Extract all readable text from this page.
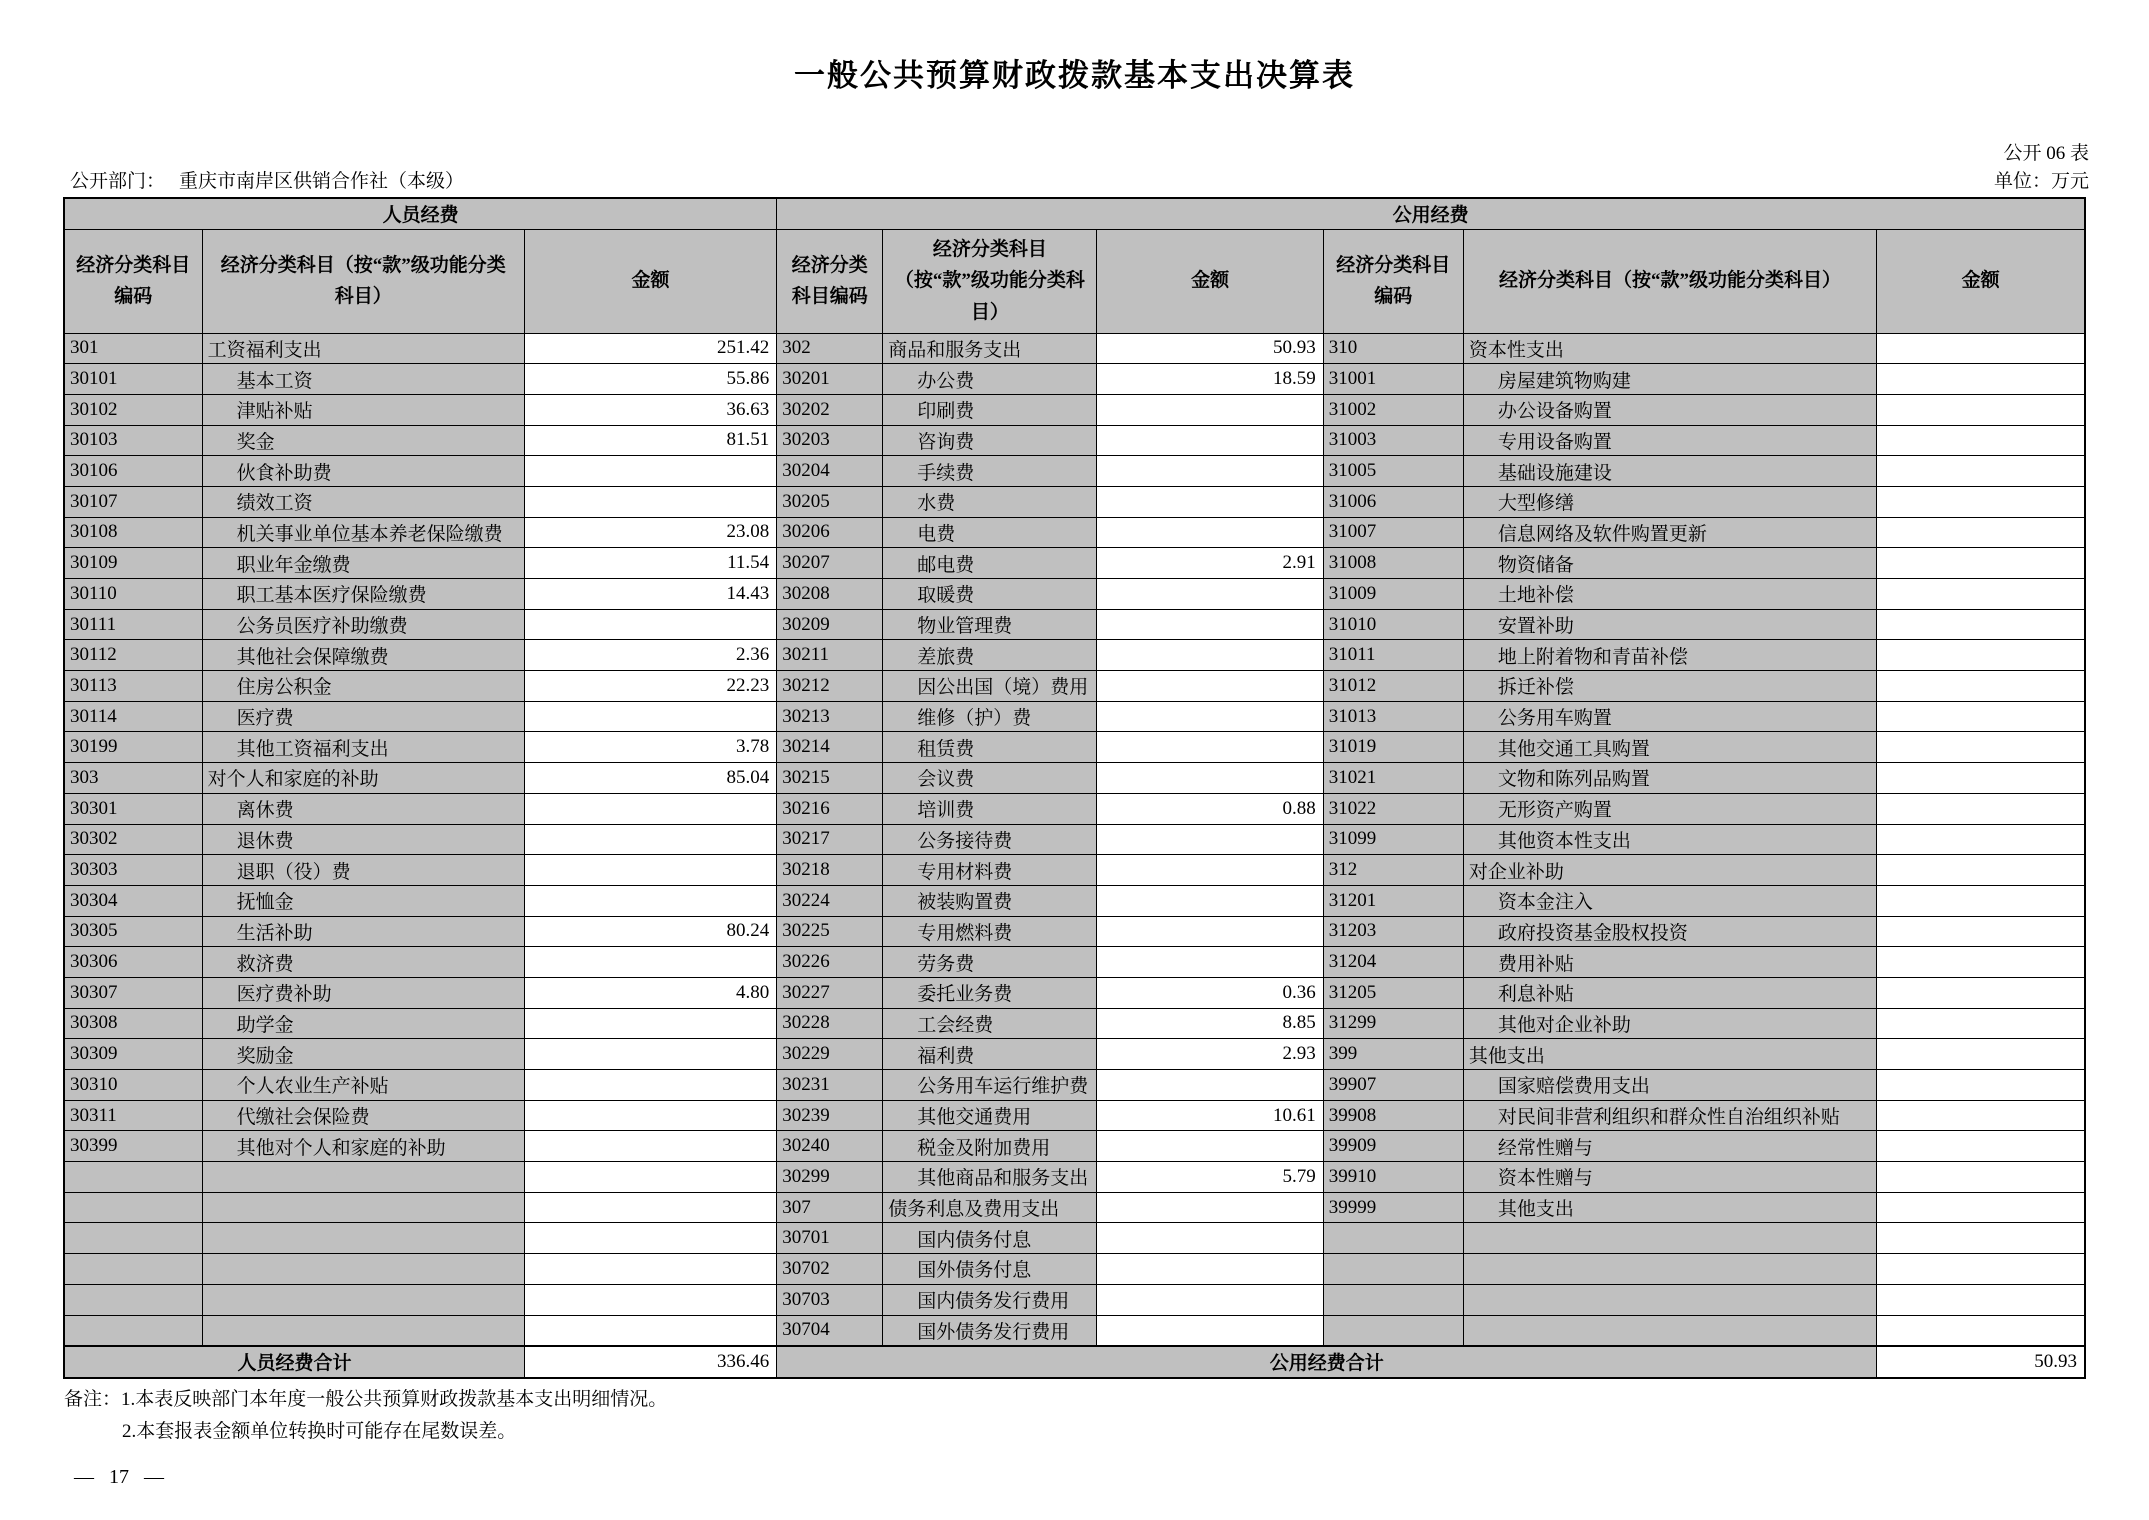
一般公共预算财政拨款基本支出决算表
公开 06 表
公开部门： 重庆市南岸区供销合作社（本级）	单位：万元
人员经费			公用经费					
经济分类科目编码	经济分类科目（按“款”级功能分类科目）	金额	经济分类科目编码	经济分类科目（按“款”级功能分类科目）	金额	经济分类科目编码	经济分类科目（按“款”级功能分类科目）	金额
301	工资福利支出	251.42	302	商品和服务支出	50.93	310	资本性支出	
30101	基本工资	55.86	30201	办公费	18.59	31001	房屋建筑物购建	
30102	津贴补贴	36.63	30202	印刷费		31002	办公设备购置	
30103	奖金	81.51	30203	咨询费		31003	专用设备购置	
30106	伙食补助费		30204	手续费		31005	基础设施建设	
30107	绩效工资		30205	水费		31006	大型修缮	
30108	机关事业单位基本养老保险缴费	23.08	30206	电费		31007	信息网络及软件购置更新	
30109	职业年金缴费	11.54	30207	邮电费	2.91	31008	物资储备	
30110	职工基本医疗保险缴费	14.43	30208	取暖费		31009	土地补偿	
30111	公务员医疗补助缴费		30209	物业管理费		31010	安置补助	
30112	其他社会保障缴费	2.36	30211	差旅费		31011	地上附着物和青苗补偿	
30113	住房公积金	22.23	30212	因公出国（境）费用		31012	拆迁补偿	
30114	医疗费		30213	维修（护）费		31013	公务用车购置	
30199	其他工资福利支出	3.78	30214	租赁费		31019	其他交通工具购置	
303	对个人和家庭的补助	85.04	30215	会议费		31021	文物和陈列品购置	
30301	离休费		30216	培训费	0.88	31022	无形资产购置	
30302	退休费		30217	公务接待费		31099	其他资本性支出	
30303	退职（役）费		30218	专用材料费		312	对企业补助	
30304	抚恤金		30224	被装购置费		31201	资本金注入	
30305	生活补助	80.24	30225	专用燃料费		31203	政府投资基金股权投资	
30306	救济费		30226	劳务费		31204	费用补贴	
30307	医疗费补助	4.80	30227	委托业务费	0.36	31205	利息补贴	
30308	助学金		30228	工会经费	8.85	31299	其他对企业补助	
30309	奖励金		30229	福利费	2.93	399	其他支出	
30310	个人农业生产补贴		30231	公务用车运行维护费		39907	国家赔偿费用支出	
30311	代缴社会保险费		30239	其他交通费用	10.61	39908	对民间非营利组织和群众性自治组织补贴	
30399	其他对个人和家庭的补助		30240	税金及附加费用		39909	经常性赠与	
			30299	其他商品和服务支出	5.79	39910	资本性赠与	
			307	债务利息及费用支出		39999	其他支出	
			30701	国内债务付息				
			30702	国外债务付息				
			30703	国内债务发行费用				
			30704	国外债务发行费用				
人员经费合计		336.46	公用经费合计					50.93
备注：1.本表反映部门本年度一般公共预算财政拨款基本支出明细情况。
2.本套报表金额单位转换时可能存在尾数误差。
— 17 —
